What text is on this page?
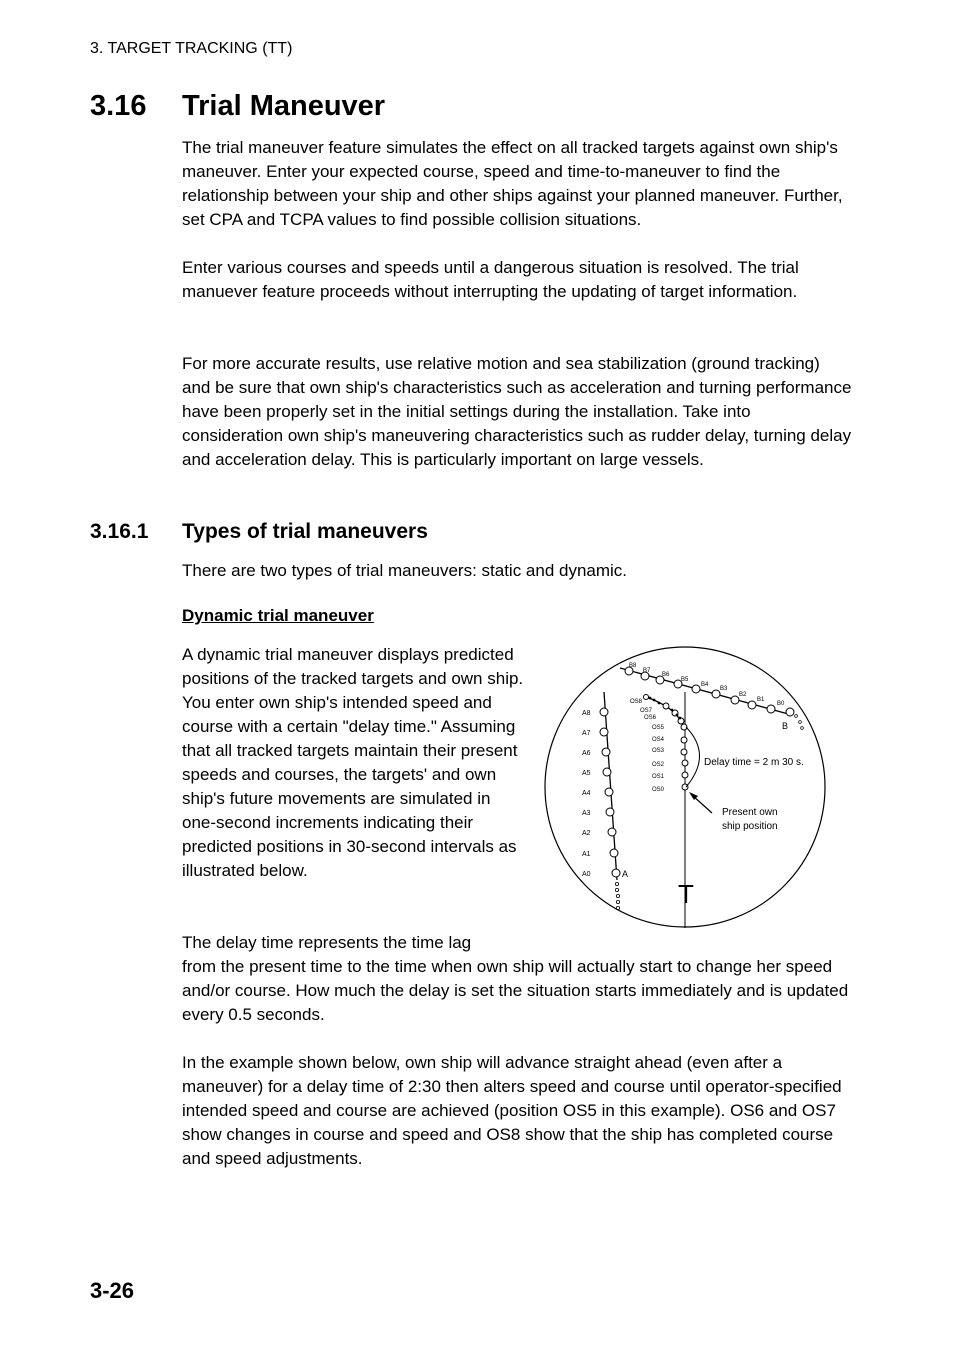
3. TARGET TRACKING (TT)
3.16 Trial Maneuver
The trial maneuver feature simulates the effect on all tracked targets against own ship's maneuver. Enter your expected course, speed and time-to-maneuver to find the relationship between your ship and other ships against your planned maneuver. Further, set CPA and TCPA values to find possible collision situations.
Enter various courses and speeds until a dangerous situation is resolved. The trial manuever feature proceeds without interrupting the updating of target information.
For more accurate results, use relative motion and sea stabilization (ground tracking) and be sure that own ship's characteristics such as acceleration and turning performance have been properly set in the initial settings during the installation. Take into consideration own ship's maneuvering characteristics such as rudder delay, turning delay and acceleration delay. This is particularly important on large vessels.
3.16.1 Types of trial maneuvers
There are two types of trial maneuvers: static and dynamic.
Dynamic trial maneuver
A dynamic trial maneuver displays predicted positions of the tracked targets and own ship. You enter own ship's intended speed and course with a certain "delay time." Assuming that all tracked targets maintain their present speeds and courses, the targets' and own ship's future movements are simulated in one-second increments indicating their predicted positions in 30-second intervals as illustrated below.
The delay time represents the time lag
from the present time to the time when own ship will actually start to change her speed and/or course. How much the delay is set the situation starts immediately and is updated every 0.5 seconds.
In the example shown below, own ship will advance straight ahead (even after a maneuver) for a delay time of 2:30 then alters speed and course until operator-specified intended speed and course are achieved (position OS5 in this example). OS6 and OS7 show changes in course and speed and OS8 show that the ship has completed course and speed adjustments.
A8
A7
A6
A5
A4
A3
A2
A1
A0	A
B8
B7
B6
B5
B4
B3
B2
B1
B0
B
OS8
OS7
OS6
OS5
OS4
OS3
OS2
OS1
OS0
Delay time = 2 m 30 s.
Present own
ship position
T
3-26
